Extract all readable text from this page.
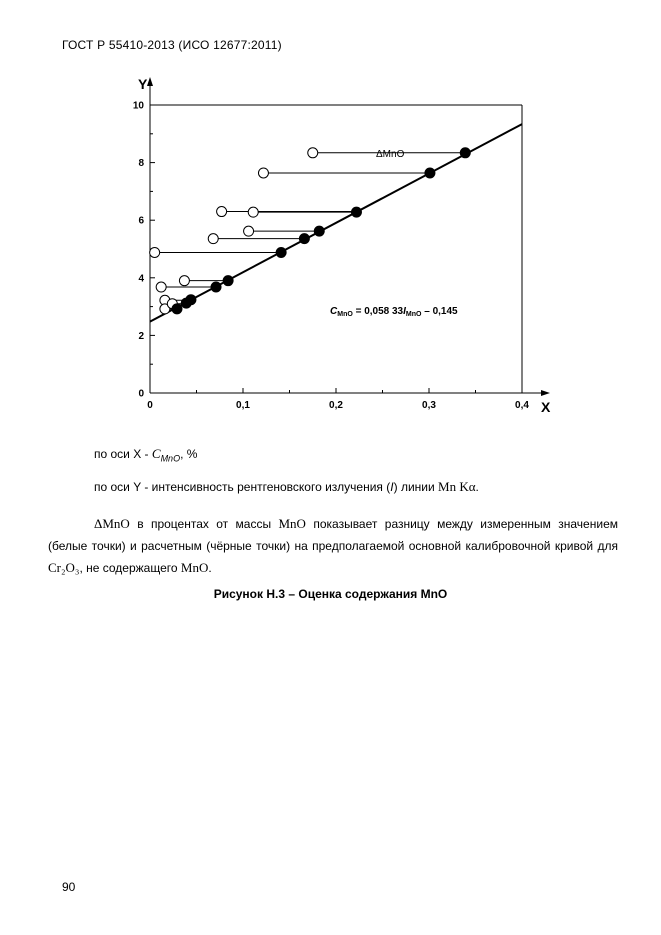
ГОСТ Р 55410-2013 (ИСО 12677:2011)
Y
X
0
2
4
6
8
10
0	0,1	0,2	0,3	0,4
ΔMnO
$C_{MnO} = 0,058$ $33I_{MnO} - 0,145$
по оси X - $C_{MnO}$, %
по оси Y - интенсивность рентгеновского излучения (I) линии Mn Kα.
ΔMnO в процентах от массы MnO показывает разницу между измеренным значением (белые точки) и расчетным (чёрные точки) на предполагаемой основной калибровочной кривой для Cr₂O₃, не содержащего MnO.
Рисунок Н.3 – Оценка содержания MnO
90
